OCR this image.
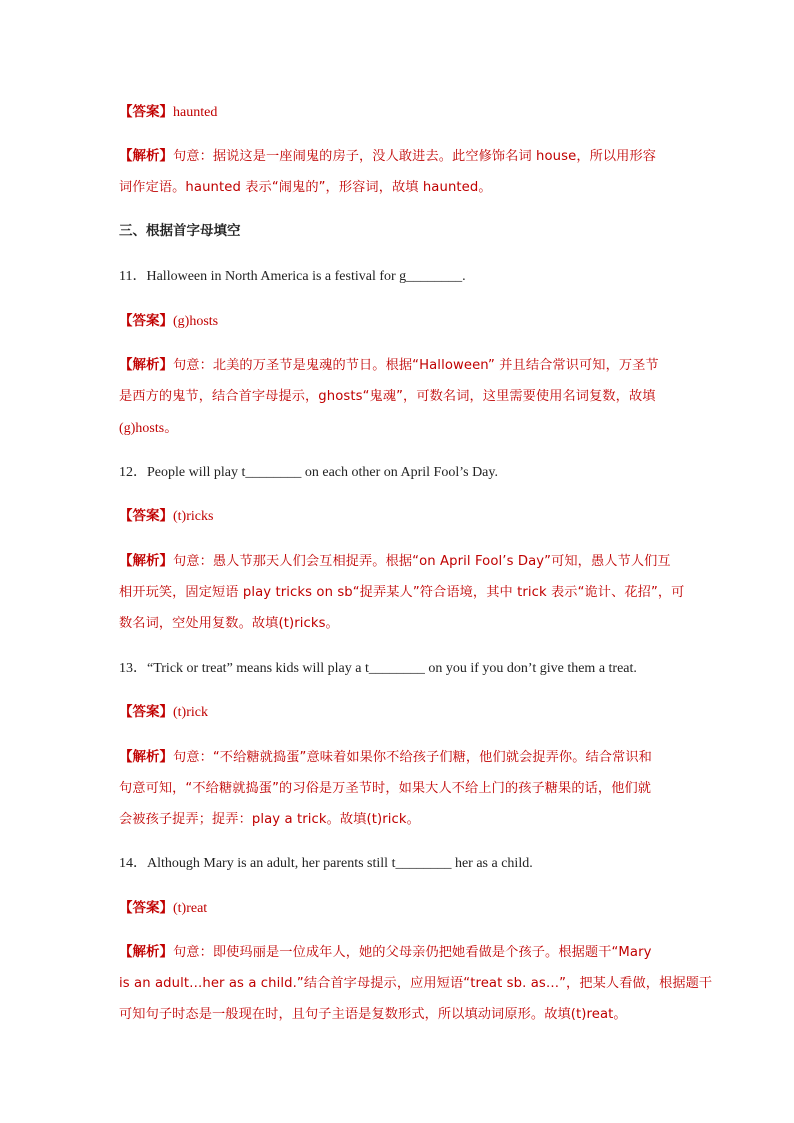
【答案】haunted
【解析】句意：据说这是一座闹鬼的房子，没人敢进去。此空修饰名词 house，所以用形容
词作定语。haunted 表示“闹鬼的”，形容词，故填 haunted。
三、根据首字母填空
11．Halloween in North America is a festival for g________.
【答案】(g)hosts
【解析】句意：北美的万圣节是鬼魂的节日。根据“Halloween” 并且结合常识可知，万圣节
是西方的鬼节，结合首字母提示，ghosts“鬼魂”，可数名词，这里需要使用名词复数，故填
(g)hosts。
12．People will play t________ on each other on April Fool’s Day.
【答案】(t)ricks
【解析】句意：愚人节那天人们会互相捉弄。根据“on April Fool’s Day”可知，愚人节人们互
相开玩笑，固定短语 play tricks on sb“捉弄某人”符合语境，其中 trick 表示“诡计、花招”，可
数名词，空处用复数。故填(t)ricks。
13．“Trick or treat” means kids will play a t________ on you if you don’t give them a treat.
【答案】(t)rick
【解析】句意：“不给糖就捣蛋”意味着如果你不给孩子们糖，他们就会捉弄你。结合常识和
句意可知，“不给糖就捣蛋”的习俗是万圣节时，如果大人不给上门的孩子糖果的话，他们就
会被孩子捉弄；捉弄：play a trick。故填(t)rick。
14．Although Mary is an adult, her parents still t________ her as a child.
【答案】(t)reat
【解析】句意：即使玛丽是一位成年人，她的父母亲仍把她看做是个孩子。根据题干“Mary
is an adult…her as a child.”结合首字母提示，应用短语“treat sb. as…”，把某人看做，根据题干
可知句子时态是一般现在时，且句子主语是复数形式，所以填动词原形。故填(t)reat。
